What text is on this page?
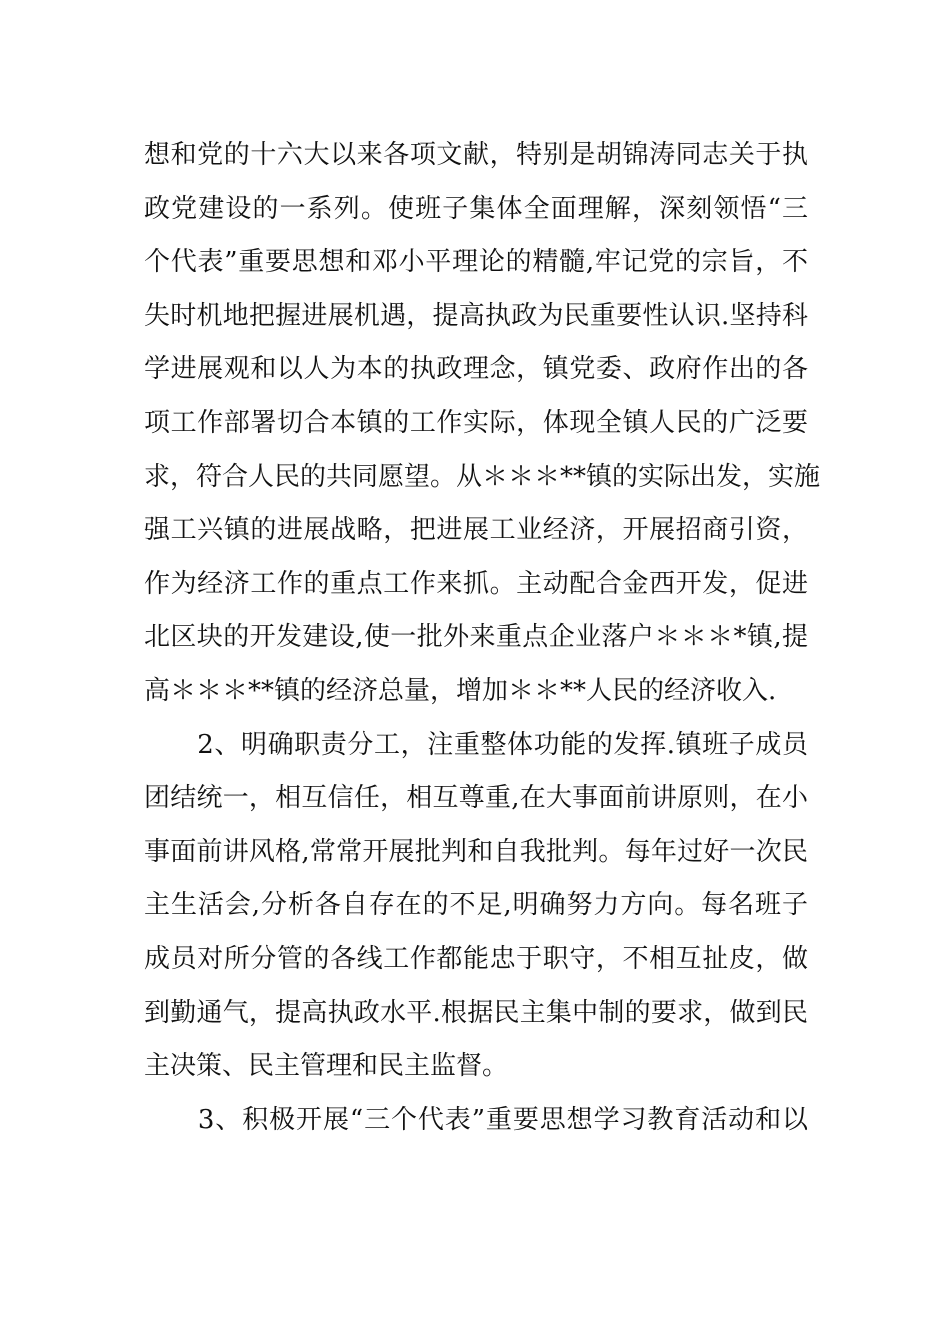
想和党的十六大以来各项文献，特别是胡锦涛同志关于执
政党建设的一系列。使班子集体全面理解，深刻领悟“三
个代表”重要思想和邓小平理论的精髓,牢记党的宗旨，不
失时机地把握进展机遇，提高执政为民重要性认识.坚持科
学进展观和以人为本的执政理念，镇党委、政府作出的各
项工作部署切合本镇的工作实际，体现全镇人民的广泛要
求，符合人民的共同愿望。从＊＊＊**镇的实际出发，实施
强工兴镇的进展战略，把进展工业经济，开展招商引资，
作为经济工作的重点工作来抓。主动配合金西开发，促进
北区块的开发建设,使一批外来重点企业落户＊＊＊*镇,提
高＊＊＊**镇的经济总量，增加＊＊**人民的经济收入.
　　2、明确职责分工，注重整体功能的发挥.镇班子成员
团结统一，相互信任，相互尊重,在大事面前讲原则，在小
事面前讲风格,常常开展批判和自我批判。每年过好一次民
主生活会,分析各自存在的不足,明确努力方向。每名班子
成员对所分管的各线工作都能忠于职守，不相互扯皮，做
到勤通气，提高执政水平.根据民主集中制的要求，做到民
主决策、民主管理和民主监督。
　　3、积极开展“三个代表”重要思想学习教育活动和以
